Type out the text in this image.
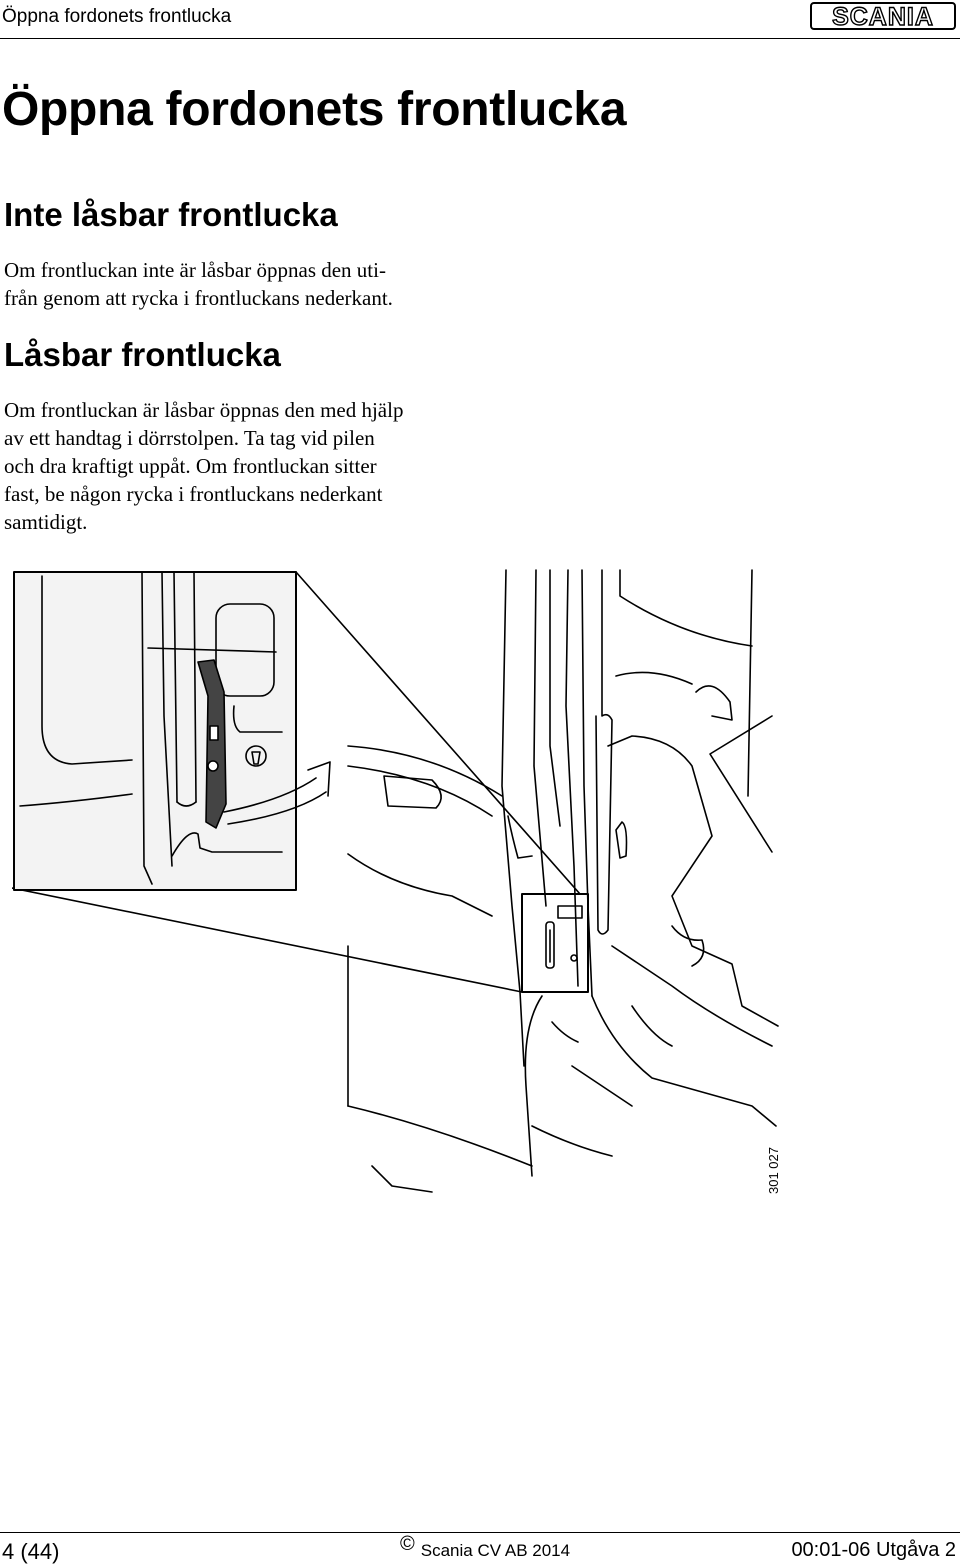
Öppna fordonets frontlucka	SCANIA
Öppna fordonets frontlucka
Inte låsbar frontlucka

Om frontluckan inte är låsbar öppnas den uti-
från genom att rycka i frontluckans nederkant.

Låsbar frontlucka

Om frontluckan är låsbar öppnas den med hjälp
av ett handtag i dörrstolpen. Ta tag vid pilen
och dra kraftigt uppåt. Om frontluckan sitter
fast, be någon rycka i frontluckans nederkant
samtidigt.

301 027
4 (44)	© Scania CV AB 2014	00:01-06 Utgåva 2
